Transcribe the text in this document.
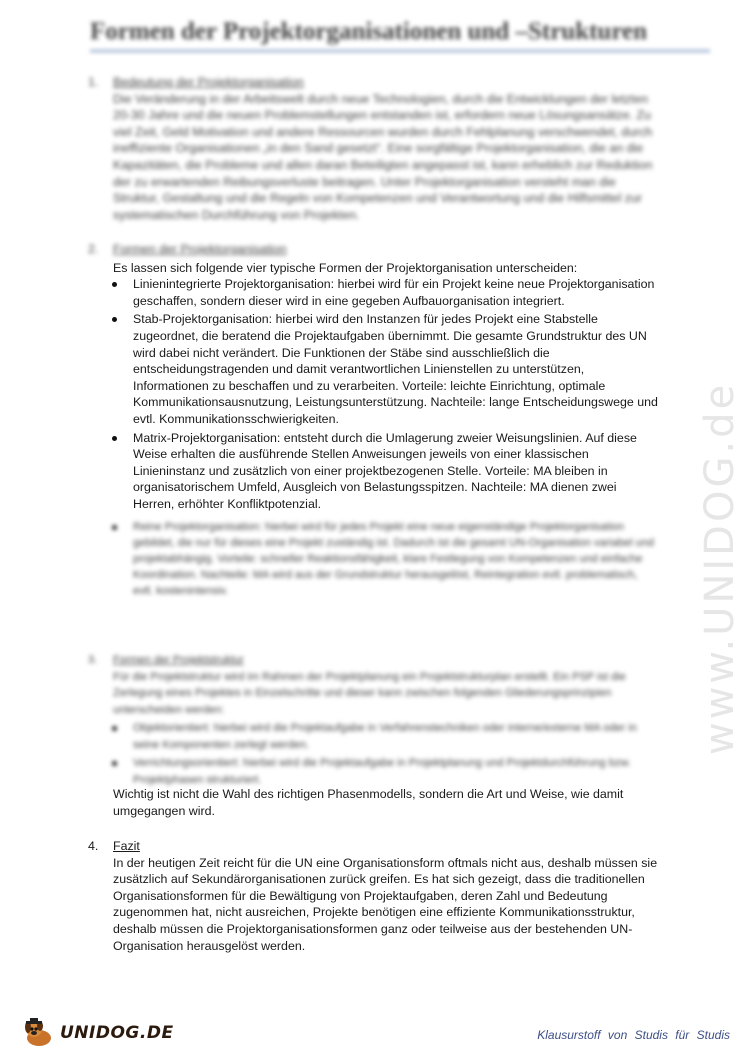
Formen der Projektorganisationen und –Strukturen
1.	Bedeutung der Projektorganisation
Die Veränderung in der Arbeitswelt durch neue Technologien, durch die Entwicklungen der letzten 20-30 Jahre und die neuen Problemstellungen entstanden ist, erfordern neue Lösungsansätze. Zu viel Zeit, Geld Motivation und andere Ressourcen wurden durch Fehlplanung verschwendet, durch ineffiziente Organisationen „in den Sand gesetzt“. Eine sorgfältige Projektorganisation, die an die Kapazitäten, die Probleme und allen daran Beteiligten angepasst ist, kann erheblich zur Reduktion der zu erwartenden Reibungsverluste beitragen. Unter Projektorganisation versteht man die Struktur, Gestaltung und die Regeln von Kompetenzen und Verantwortung und die Hilfsmittel zur systematischen Durchführung von Projekten.
2.	Formen der Projektorganisation
Es lassen sich folgende vier typische Formen der Projektorganisation unterscheiden:
Linienintegrierte Projektorganisation: hierbei wird für ein Projekt keine neue Projektorganisation geschaffen, sondern dieser wird in eine gegeben Aufbauorganisation integriert.
Stab-Projektorganisation: hierbei wird den Instanzen für jedes Projekt eine Stabstelle zugeordnet, die beratend die Projektaufgaben übernimmt. Die gesamte Grundstruktur des UN wird dabei nicht verändert. Die Funktionen der Stäbe sind ausschließlich die entscheidungstragenden und damit verantwortlichen Linienstellen zu unterstützen, Informationen zu beschaffen und zu verarbeiten. Vorteile: leichte Einrichtung, optimale Kommunikationsausnutzung, Leistungsunterstützung. Nachteile: lange Entscheidungswege und evtl. Kommunikationsschwierigkeiten.
Matrix-Projektorganisation: entsteht durch die Umlagerung zweier Weisungslinien. Auf diese Weise erhalten die ausführende Stellen Anweisungen jeweils von einer klassischen Linieninstanz und zusätzlich von einer projektbezogenen Stelle. Vorteile: MA bleiben in organisatorischem Umfeld, Ausgleich von Belastungsspitzen. Nachteile: MA dienen zwei Herren, erhöhter Konfliktpotenzial.
Reine Projektorganisation: hierbei wird für jedes Projekt eine neue eigenständige Projektorganisation gebildet, die nur für dieses eine Projekt zuständig ist. Dadurch ist die gesamt UN-Organisation variabel und projektabhängig. Vorteile: schneller Reaktionsfähigkeit, klare Festlegung von Kompetenzen und einfache Koordination. Nachteile: MA wird aus der Grundstruktur herausgelöst, Reintegration evtl. problematisch, evtl. kostenintensiv.
3.	Formen der Projektstruktur
Für die Projektstruktur wird im Rahmen der Projektplanung ein Projektstrukturplan erstellt. Ein PSP ist die Zerlegung eines Projektes in Einzelschritte und dieser kann zwischen folgenden Gliederungsprinzipien unterscheiden werden:
Objektorientiert: hierbei wird die Projektaufgabe in Verfahrenstechniken oder interne/externe MA oder in seine Komponenten zerlegt werden.
Verrichtungsorientiert: hierbei wird die Projektaufgabe in Projektplanung und Projektdurchführung bzw. Projektphasen strukturiert.
Wichtig ist nicht die Wahl des richtigen Phasenmodells, sondern die Art und Weise, wie damit umgegangen wird.
4.	Fazit
In der heutigen Zeit reicht für die UN eine Organisationsform oftmals nicht aus, deshalb müssen sie zusätzlich auf Sekundärorganisationen zurück greifen. Es hat sich gezeigt, dass die traditionellen Organisationsformen für die Bewältigung von Projektaufgaben, deren Zahl und Bedeutung zugenommen hat, nicht ausreichen, Projekte benötigen eine effiziente Kommunikationsstruktur, deshalb müssen die Projektorganisationsformen ganz oder teilweise aus der bestehenden UN-Organisation herausgelöst werden.
www.UNIDOG.de
UNIDOG.DE	Klausurstoff von Studis für Studis
